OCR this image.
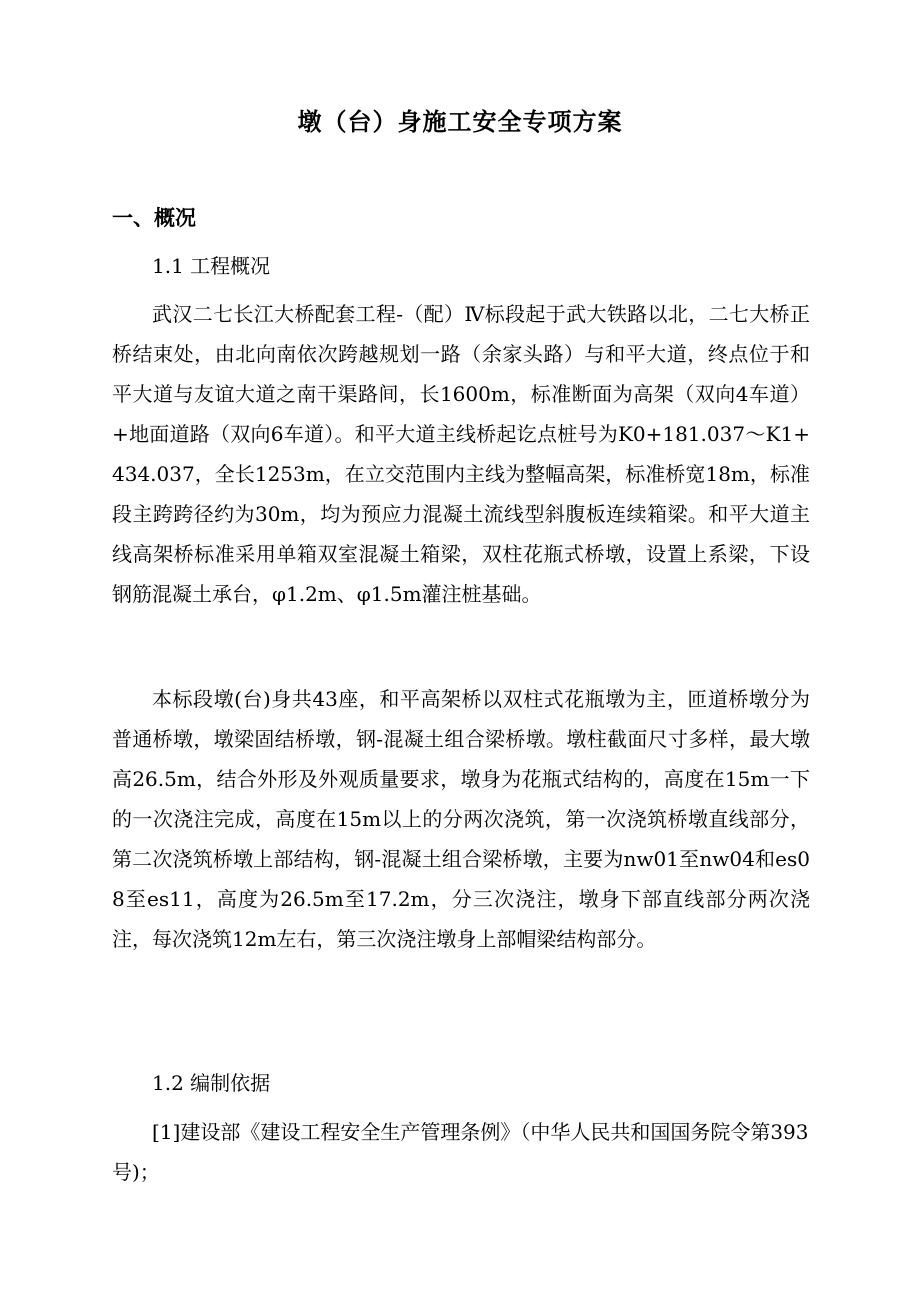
墩（台）身施工安全专项方案
一、概况
1.1 工程概况

武汉二七长江大桥配套工程-（配）Ⅳ标段起于武大铁路以北，二七大桥正桥结束处，由北向南依次跨越规划一路（余家头路）与和平大道，终点位于和平大道与友谊大道之南干渠路间，长1600m，标准断面为高架（双向4车道）+地面道路（双向6车道）。和平大道主线桥起讫点桩号为K0+181.037～K1+434.037，全长1253m，在立交范围内主线为整幅高架，标准桥宽18m，标准段主跨跨径约为30m，均为预应力混凝土流线型斜腹板连续箱梁。和平大道主线高架桥标准采用单箱双室混凝土箱梁，双柱花瓶式桥墩，设置上系梁，下设钢筋混凝土承台，φ1.2m、φ1.5m灌注桩基础。

本标段墩(台)身共43座，和平高架桥以双柱式花瓶墩为主，匝道桥墩分为普通桥墩，墩梁固结桥墩，钢-混凝土组合梁桥墩。墩柱截面尺寸多样，最大墩高26.5m，结合外形及外观质量要求，墩身为花瓶式结构的，高度在15m一下的一次浇注完成，高度在15m以上的分两次浇筑，第一次浇筑桥墩直线部分，第二次浇筑桥墩上部结构，钢-混凝土组合梁桥墩，主要为nw01至nw04和es08至es11，高度为26.5m至17.2m，分三次浇注，墩身下部直线部分两次浇注，每次浇筑12m左右，第三次浇注墩身上部帽梁结构部分。

1.2 编制依据

[1]建设部《建设工程安全生产管理条例》（中华人民共和国国务院令第393 号)；
